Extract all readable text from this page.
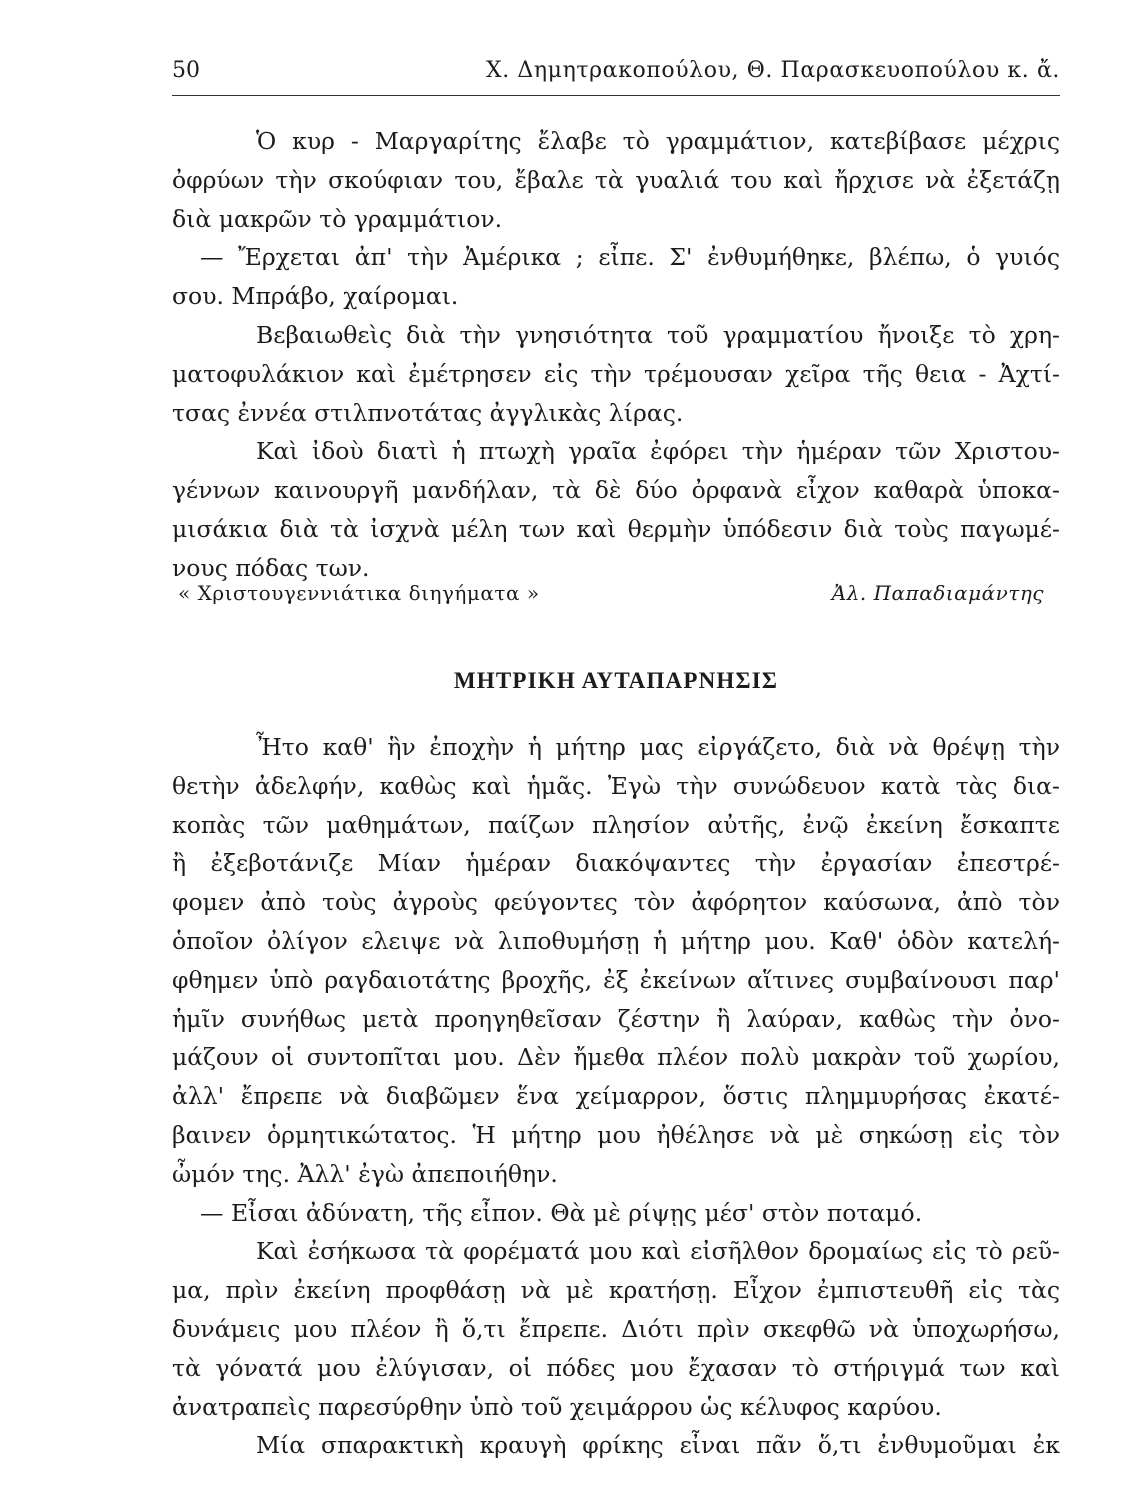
50	Χ. Δημητρακοπούλου, Θ. Παρασκευοπούλου κ. ἄ.
Ὁ κυρ - Μαργαρίτης ἔλαβε τὸ γραμμάτιον, κατεβίβασε μέχρις
ὀφρύων τὴν σκούφιαν του, ἔβαλε τὰ γυαλιά του καὶ ἤρχισε νὰ ἐξετάζῃ
διὰ μακρῶν τὸ γραμμάτιον.
— Ἔρχεται ἀπ' τὴν Ἀμέρικα ; εἶπε. Σ' ἐνθυμήθηκε, βλέπω, ὁ γυιός
σου. Μπράβο, χαίρομαι.
Βεβαιωθεὶς διὰ τὴν γνησιότητα τοῦ γραμματίου ἤνοιξε τὸ χρη-
ματοφυλάκιον καὶ ἐμέτρησεν εἰς τὴν τρέμουσαν χεῖρα τῆς θεια - Ἀχτί-
τσας ἐννέα στιλπνοτάτας ἀγγλικὰς λίρας.
Καὶ ἰδοὺ διατὶ ἡ πτωχὴ γραῖα ἐφόρει τὴν ἡμέραν τῶν Χριστου-
γέννων καινουργῆ μανδήλαν, τὰ δὲ δύο ὀρφανὰ εἶχον καθαρὰ ὑποκα-
μισάκια διὰ τὰ ἰσχνὰ μέλη των καὶ θερμὴν ὑπόδεσιν διὰ τοὺς παγωμέ-
νους πόδας των.
« Χριστουγεννιάτικα διηγήματα »	Ἀλ. Παπαδιαμάντης
ΜΗΤΡΙΚΗ ΑΥΤΑΠΑΡΝΗΣΙΣ
Ἦτο καθ' ἣν ἐποχὴν ἡ μήτηρ μας εἰργάζετο, διὰ νὰ θρέψῃ τὴν
θετὴν ἀδελφήν, καθὼς καὶ ἡμᾶς. Ἐγὼ τὴν συνώδευον κατὰ τὰς δια-
κοπὰς τῶν μαθημάτων, παίζων πλησίον αὐτῆς, ἐνῷ ἐκείνη ἔσκαπτε
ἢ ἐξεβοτάνιζε Μίαν ἡμέραν διακόψαντες τὴν ἐργασίαν ἐπεστρέ-
φομεν ἀπὸ τοὺς ἀγροὺς φεύγοντες τὸν ἀφόρητον καύσωνα, ἀπὸ τὸν
ὁποῖον ὀλίγον ελειψε νὰ λιποθυμήσῃ ἡ μήτηρ μου. Καθ' ὁδὸν κατελή-
φθημεν ὑπὸ ραγδαιοτάτης βροχῆς, ἐξ ἐκείνων αἵτινες συμβαίνουσι παρ'
ἡμῖν συνήθως μετὰ προηγηθεῖσαν ζέστην ἢ λαύραν, καθὼς τὴν ὀνο-
μάζουν οἱ συντοπῖται μου. Δὲν ἤμεθα πλέον πολὺ μακρὰν τοῦ χωρίου,
ἀλλ' ἔπρεπε νὰ διαβῶμεν ἕνα χείμαρρον, ὅστις πλημμυρήσας ἐκατέ-
βαινεν ὁρμητικώτατος. Ἡ μήτηρ μου ἠθέλησε νὰ μὲ σηκώσῃ εἰς τὸν
ὦμόν της. Ἀλλ' ἐγὼ ἀπεποιήθην.
— Εἶσαι ἀδύνατη, τῆς εἶπον. Θὰ μὲ ρίψῃς μέσ' στὸν ποταμό.
Καὶ ἐσήκωσα τὰ φορέματά μου καὶ εἰσῆλθον δρομαίως εἰς τὸ ρεῦ-
μα, πρὶν ἐκείνη προφθάσῃ νὰ μὲ κρατήσῃ. Εἶχον ἐμπιστευθῆ εἰς τὰς
δυνάμεις μου πλέον ἢ ὅ,τι ἔπρεπε. Διότι πρὶν σκεφθῶ νὰ ὑποχωρήσω,
τὰ γόνατά μου ἐλύγισαν, οἱ πόδες μου ἔχασαν τὸ στήριγμά των καὶ
ἀνατραπεὶς παρεσύρθην ὑπὸ τοῦ χειμάρρου ὡς κέλυφος καρύου.
Μία σπαρακτικὴ κραυγὴ φρίκης εἶναι πᾶν ὅ,τι ἐνθυμοῦμαι ἐκ
